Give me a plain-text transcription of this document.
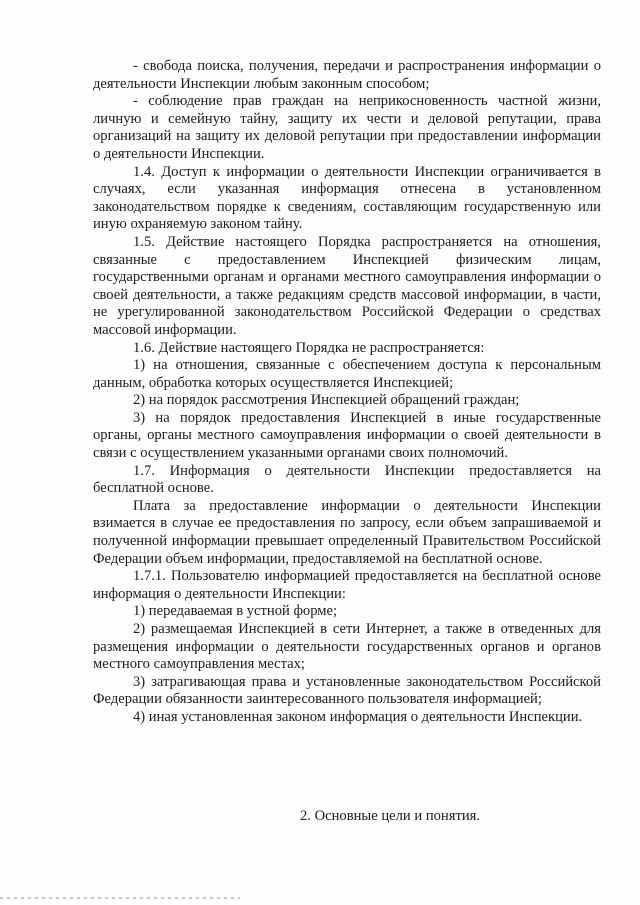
- свобода поиска, получения, передачи и распространения информации о деятельности Инспекции любым законным способом;

- соблюдение прав граждан на неприкосновенность частной жизни, личную и семейную тайну, защиту их чести и деловой репутации, права организаций на защиту их деловой репутации при предоставлении информации о деятельности Инспекции.

1.4. Доступ к информации о деятельности Инспекции ограничивается в случаях, если указанная информация отнесена в установленном законодательством порядке к сведениям, составляющим государственную или иную охраняемую законом тайну.

1.5. Действие настоящего Порядка распространяется на отношения, связанные с предоставлением Инспекцией физическим лицам, государственными органам и органами местного самоуправления информации о своей деятельности, а также редакциям средств массовой информации, в части, не урегулированной законодательством Российской Федерации о средствах массовой информации.

1.6. Действие настоящего Порядка не распространяется:

1) на отношения, связанные с обеспечением доступа к персональным данным, обработка которых осуществляется Инспекцией;

2) на порядок рассмотрения Инспекцией обращений граждан;

3) на порядок предоставления Инспекцией в иные государственные органы, органы местного самоуправления информации о своей деятельности в связи с осуществлением указанными органами своих полномочий.

1.7. Информация о деятельности Инспекции предоставляется на бесплатной основе.

Плата за предоставление информации о деятельности Инспекции взимается в случае ее предоставления по запросу, если объем запрашиваемой и полученной информации превышает определенный Правительством Российской Федерации объем информации, предоставляемой на бесплатной основе.

1.7.1. Пользователю информацией предоставляется на бесплатной основе информация о деятельности Инспекции:

1) передаваемая в устной форме;

2) размещаемая Инспекцией в сети Интернет, а также в отведенных для размещения информации о деятельности государственных органов и органов местного самоуправления местах;

3) затрагивающая права и установленные законодательством Российской Федерации обязанности заинтересованного пользователя информацией;

4) иная установленная законом информация о деятельности Инспекции.

2. Основные цели и понятия.
